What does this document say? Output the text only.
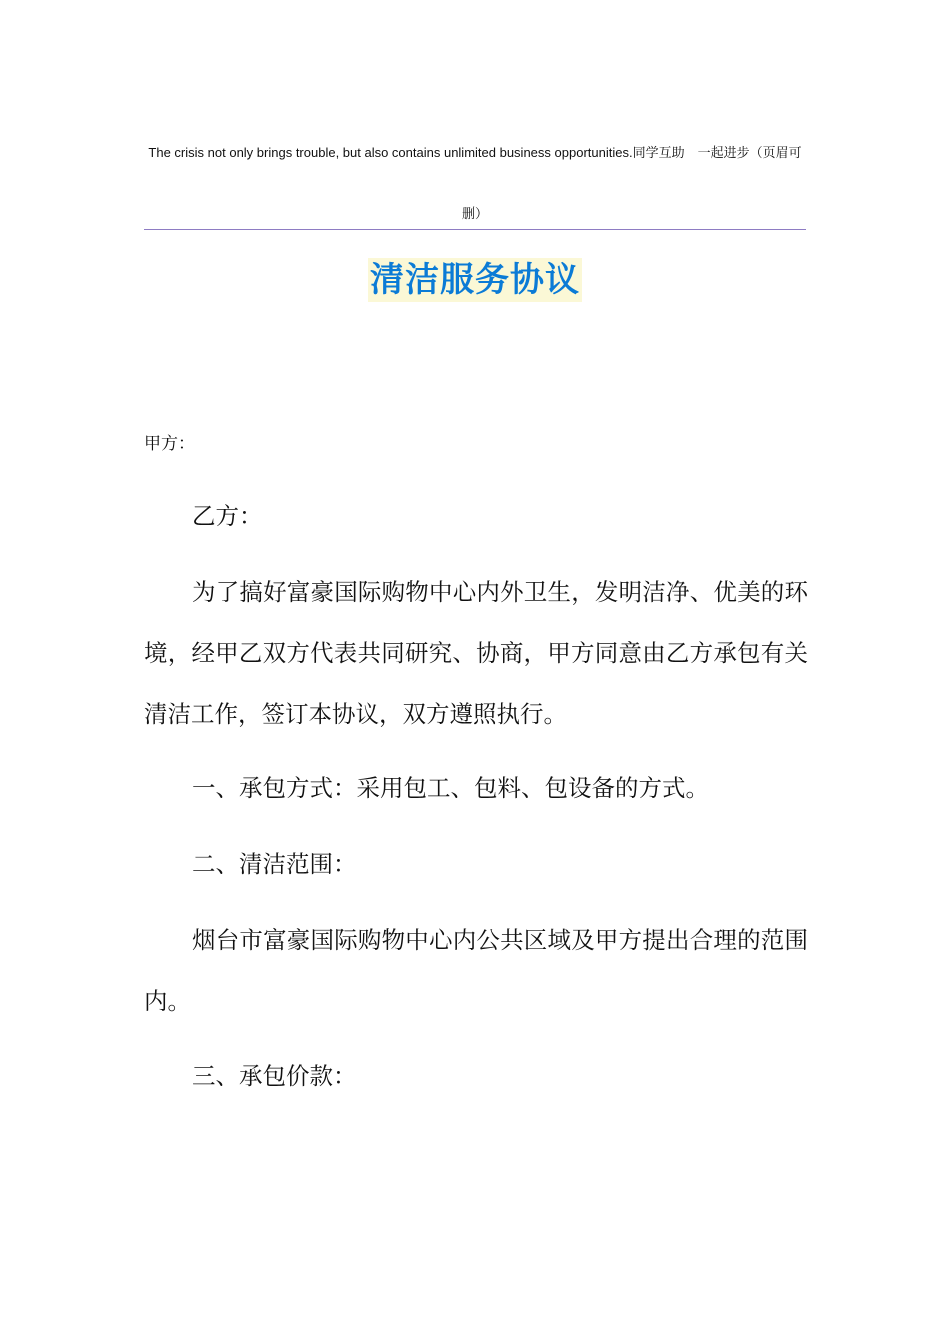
The crisis not only brings trouble, but also contains unlimited business opportunities.同学互助　一起进步（页眉可删）
清洁服务协议
甲方：

乙方：

为了搞好富豪国际购物中心内外卫生，发明洁净、优美的环境，经甲乙双方代表共同研究、协商，甲方同意由乙方承包有关清洁工作，签订本协议，双方遵照执行。

一、承包方式：采用包工、包料、包设备的方式。

二、清洁范围：

烟台市富豪国际购物中心内公共区域及甲方提出合理的范围内。

三、承包价款：
